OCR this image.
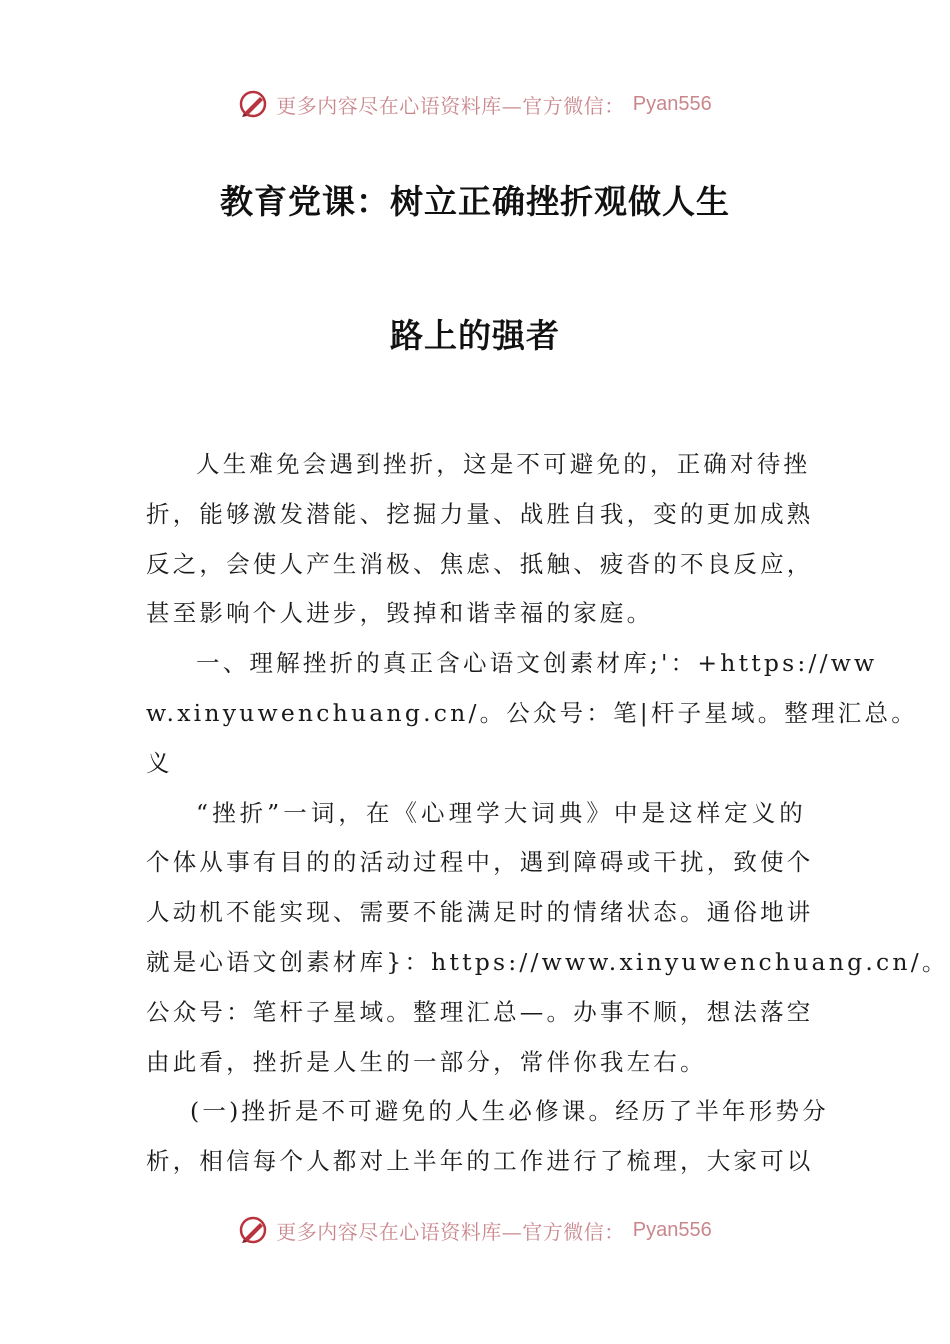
更多内容尽在心语资料库—官方微信： Pyan556
教育党课：树立正确挫折观做人生
路上的强者
人生难免会遇到挫折，这是不可避免的，正确对待挫
折，能够激发潜能、挖掘力量、战胜自我，变的更加成熟
反之，会使人产生消极、焦虑、抵触、疲沓的不良反应，
甚至影响个人进步，毁掉和谐幸福的家庭。
一、理解挫折的真正含心语文创素材库;'：+https://ww
w.xinyuwenchuang.cn/。公众号：笔|杆子星域。整理汇总。
义
“挫折”一词，在《心理学大词典》中是这样定义的
个体从事有目的的活动过程中，遇到障碍或干扰，致使个
人动机不能实现、需要不能满足时的情绪状态。通俗地讲
就是心语文创素材库}：https://www.xinyuwenchuang.cn/。
公众号：笔杆子星域。整理汇总—。办事不顺，想法落空
由此看，挫折是人生的一部分，常伴你我左右。
(一)挫折是不可避免的人生必修课。经历了半年形势分
析，相信每个人都对上半年的工作进行了梳理，大家可以
更多内容尽在心语资料库—官方微信： Pyan556
